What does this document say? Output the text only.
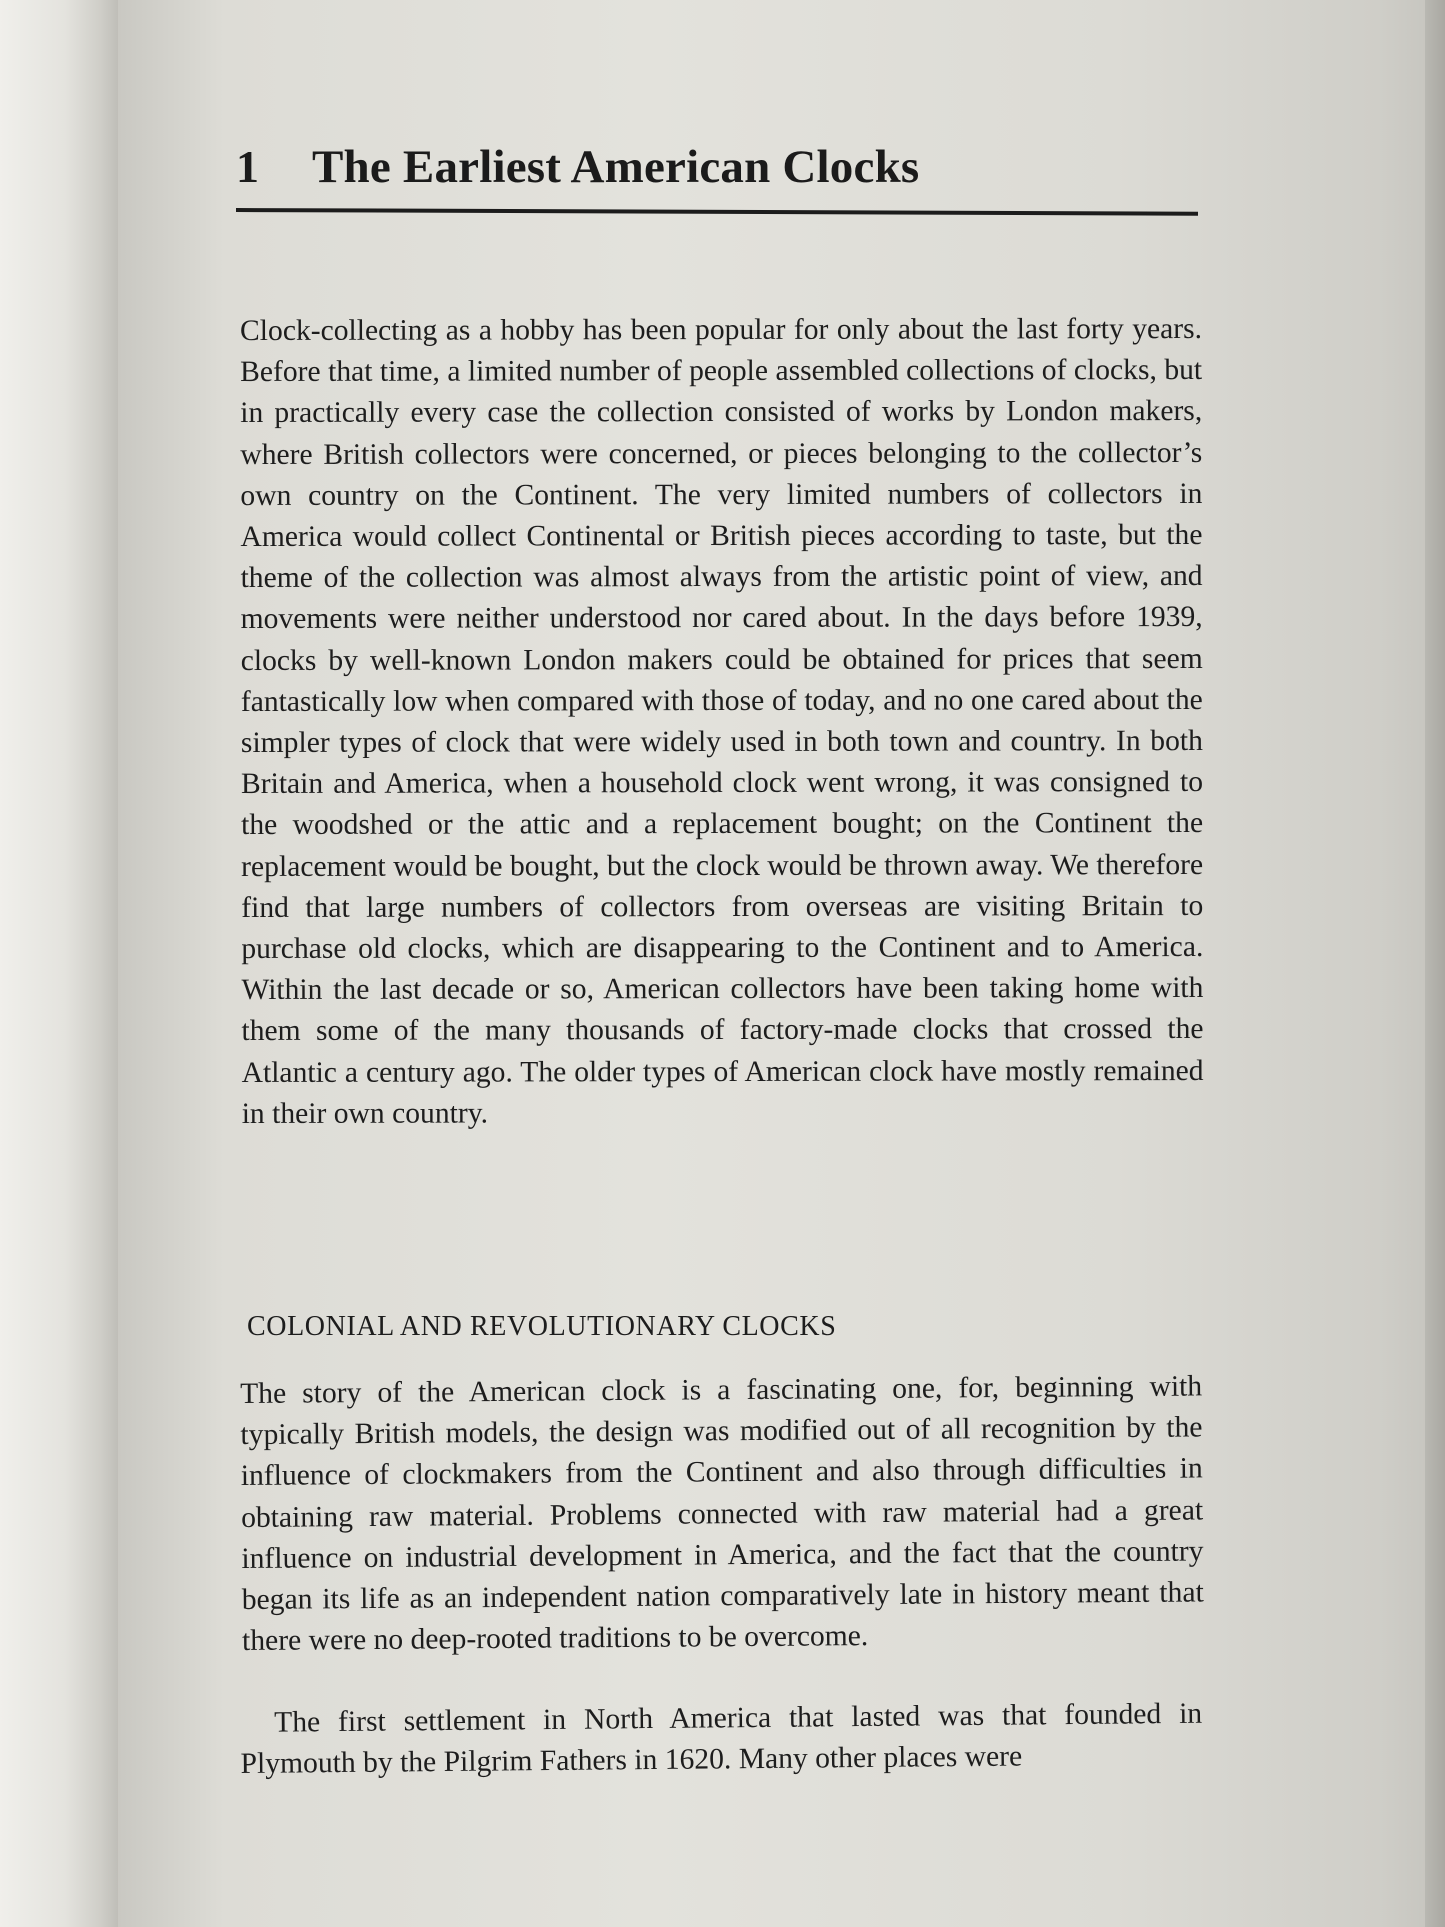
1 The Earliest American Clocks

Clock-collecting as a hobby has been popular for only about the last forty years. Before that time, a limited number of people assembled collections of clocks, but in practically every case the collection consisted of works by London makers, where British collectors were concerned, or pieces belonging to the collector’s own country on the Continent. The very limited numbers of collectors in America would collect Continental or British pieces according to taste, but the theme of the collection was almost always from the artistic point of view, and movements were neither understood nor cared about. In the days before 1939, clocks by well-known London makers could be obtained for prices that seem fantastically low when compared with those of today, and no one cared about the simpler types of clock that were widely used in both town and country. In both Britain and America, when a household clock went wrong, it was consigned to the woodshed or the attic and a replacement bought; on the Continent the replacement would be bought, but the clock would be thrown away. We therefore find that large numbers of collectors from overseas are visiting Britain to purchase old clocks, which are disappearing to the Continent and to America. Within the last decade or so, American collectors have been taking home with them some of the many thousands of factory-made clocks that crossed the Atlantic a century ago. The older types of American clock have mostly remained in their own country.

COLONIAL AND REVOLUTIONARY CLOCKS

The story of the American clock is a fascinating one, for, beginning with typically British models, the design was modified out of all recognition by the influence of clockmakers from the Continent and also through difficulties in obtaining raw material. Problems connected with raw material had a great influence on industrial development in America, and the fact that the country began its life as an independent nation comparatively late in history meant that there were no deep-rooted traditions to be overcome.

The first settlement in North America that lasted was that founded in Plymouth by the Pilgrim Fathers in 1620. Many other places were
